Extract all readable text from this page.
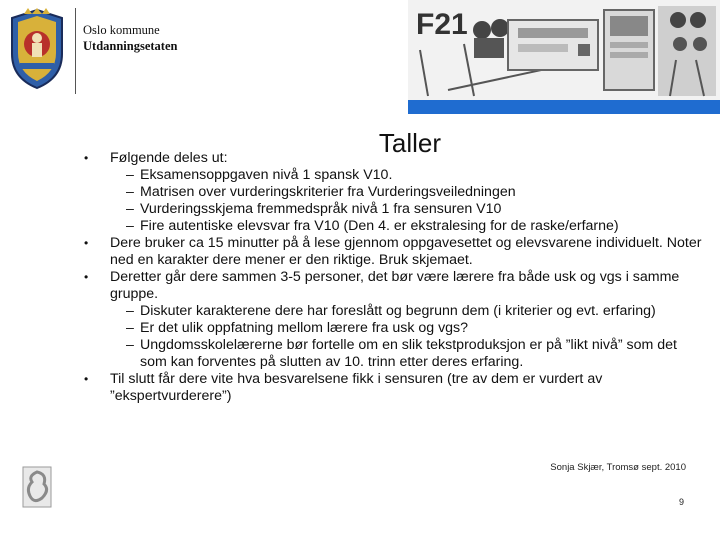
Oslo kommune
Utdanningsetaten
F21
Taller
• Følgende deles ut:
– Eksamensoppgaven nivå 1 spansk V10.
– Matrisen over vurderingskriterier fra Vurderingsveiledningen
– Vurderingsskjema fremmedspråk nivå 1 fra sensuren V10
– Fire autentiske elevsvar fra V10 (Den 4. er ekstralesing for de raske/erfarne)
• Dere bruker ca 15 minutter på å lese gjennom oppgavesettet og elevsvarene individuelt. Noter ned en karakter dere mener er den riktige. Bruk skjemaet.
• Deretter går dere sammen 3-5 personer, det bør være lærere fra både usk og vgs i samme gruppe.
– Diskuter karakterene dere har foreslått og begrunn dem (i kriterier og evt. erfaring)
– Er det ulik oppfatning mellom lærere fra usk og vgs?
– Ungdomsskolelærerne bør fortelle om en slik tekstproduksjon er på ”likt nivå” som det som kan forventes på slutten av 10. trinn etter deres erfaring.
• Til slutt får dere vite hva besvarelsene fikk i sensuren (tre av dem er vurdert av ”ekspertvurderere”)
Sonja Skjær, Tromsø sept. 2010
9
